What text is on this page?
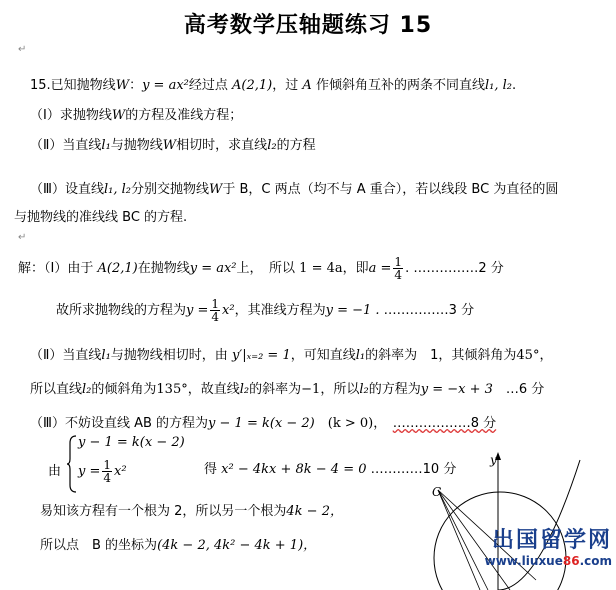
高考数学压轴题练习 15
↵
15.已知抛物线W：y = ax²经过点 A(2,1)，过 A 作倾斜角互补的两条不同直线l₁, l₂.
（Ⅰ）求抛物线W的方程及准线方程；
（Ⅱ）当直线l₁与抛物线W相切时，求直线l₂的方程
（Ⅲ）设直线l₁, l₂分别交抛物线W于 B，C 两点（均不与 A 重合），若以线段 BC 为直径的圆
与抛物线的准线线 BC 的方程.
↵
解：（Ⅰ）由于 A(2,1)在抛物线y = ax²上，　所以 1 = 4a，即$a = \frac{1}{4}$ . ……………2 分
故所求抛物线的方程为$y = \frac{1}{4} x^2$，其准线方程为y = −1 . ……………3 分
（Ⅱ）当直线l₁与抛物线相切时，由 y′|ₓ₌₂ = 1，可知直线l₁的斜率为　1，其倾斜角为45°，
所以直线l₂的倾斜角为135°，故直线l₂的斜率为−1，所以l₂的方程为y = −x + 3　 …6 分
（Ⅲ）不妨设直线 AB 的方程为y − 1 = k(x − 2)　 (k > 0)，　 ………………8 分
由
y − 1 = k(x − 2)
$y = \frac{1}{4} x^2$	得 x² − 4kx + 8k − 4 = 0 …………10 分
易知该方程有一个根为 2，所以另一个根为4k − 2，
所以点　B 的坐标为(4k − 2, 4k² − 4k + 1)，
y
C
出国留学网
www.liuxue86.com
